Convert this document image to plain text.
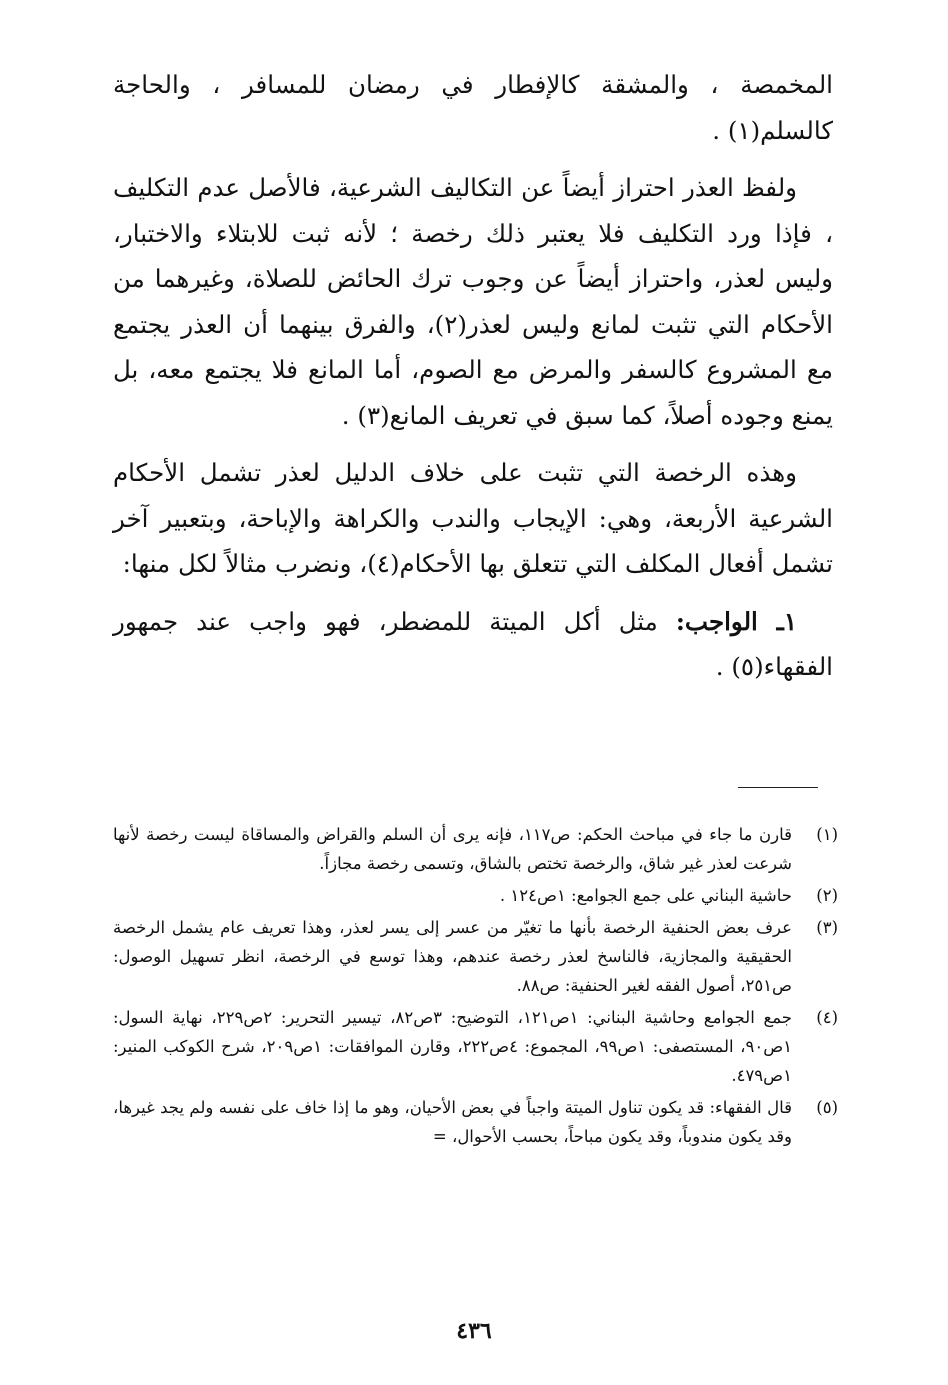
المخمصة ، والمشقة كالإفطار في رمضان للمسافر ، والحاجة كالسلم(١) .

ولفظ العذر احتراز أيضاً عن التكاليف الشرعية، فالأصل عدم التكليف ، فإذا ورد التكليف فلا يعتبر ذلك رخصة ؛ لأنه ثبت للابتلاء والاختبار، وليس لعذر، واحتراز أيضاً عن وجوب ترك الحائض للصلاة، وغيرهما من الأحكام التي تثبت لمانع وليس لعذر(٢)، والفرق بينهما أن العذر يجتمع مع المشروع كالسفر والمرض مع الصوم، أما المانع فلا يجتمع معه، بل يمنع وجوده أصلاً، كما سبق في تعريف المانع(٣) .

وهذه الرخصة التي تثبت على خلاف الدليل لعذر تشمل الأحكام الشرعية الأربعة، وهي: الإيجاب والندب والكراهة والإباحة، وبتعبير آخر تشمل أفعال المكلف التي تتعلق بها الأحكام(٤)، ونضرب مثالاً لكل منها:

١ـ الواجب: مثل أكل الميتة للمضطر، فهو واجب عند جمهور الفقهاء(٥) .

(١)
قارن ما جاء في مباحث الحكم: ص١١٧، فإنه يرى أن السلم والقراض والمساقاة ليست رخصة لأنها شرعت لعذر غير شاق، والرخصة تختص بالشاق، وتسمى رخصة مجازاً.
(٢)
حاشية البناني على جمع الجوامع: ١ص١٢٤ .
(٣)
عرف بعض الحنفية الرخصة بأنها ما تغيّر من عسر إلى يسر لعذر، وهذا تعريف عام يشمل الرخصة الحقيقية والمجازية، فالناسخ لعذر رخصة عندهم، وهذا توسع في الرخصة، انظر تسهيل الوصول: ص٢٥١، أصول الفقه لغير الحنفية: ص٨٨.
(٤)
جمع الجوامع وحاشية البناني: ١ص١٢١، التوضيح: ٣ص٨٢، تيسير التحرير: ٢ص٢٢٩، نهاية السول: ١ص٩٠، المستصفى: ١ص٩٩، المجموع: ٤ص٢٢٢، وقارن الموافقات: ١ص٢٠٩، شرح الكوكب المنير: ١ص٤٧٩.
(٥)
قال الفقهاء: قد يكون تناول الميتة واجباً في بعض الأحيان، وهو ما إذا خاف على نفسه ولم يجد غيرها، وقد يكون مندوباً، وقد يكون مباحاً، بحسب الأحوال، =
٤٣٦
